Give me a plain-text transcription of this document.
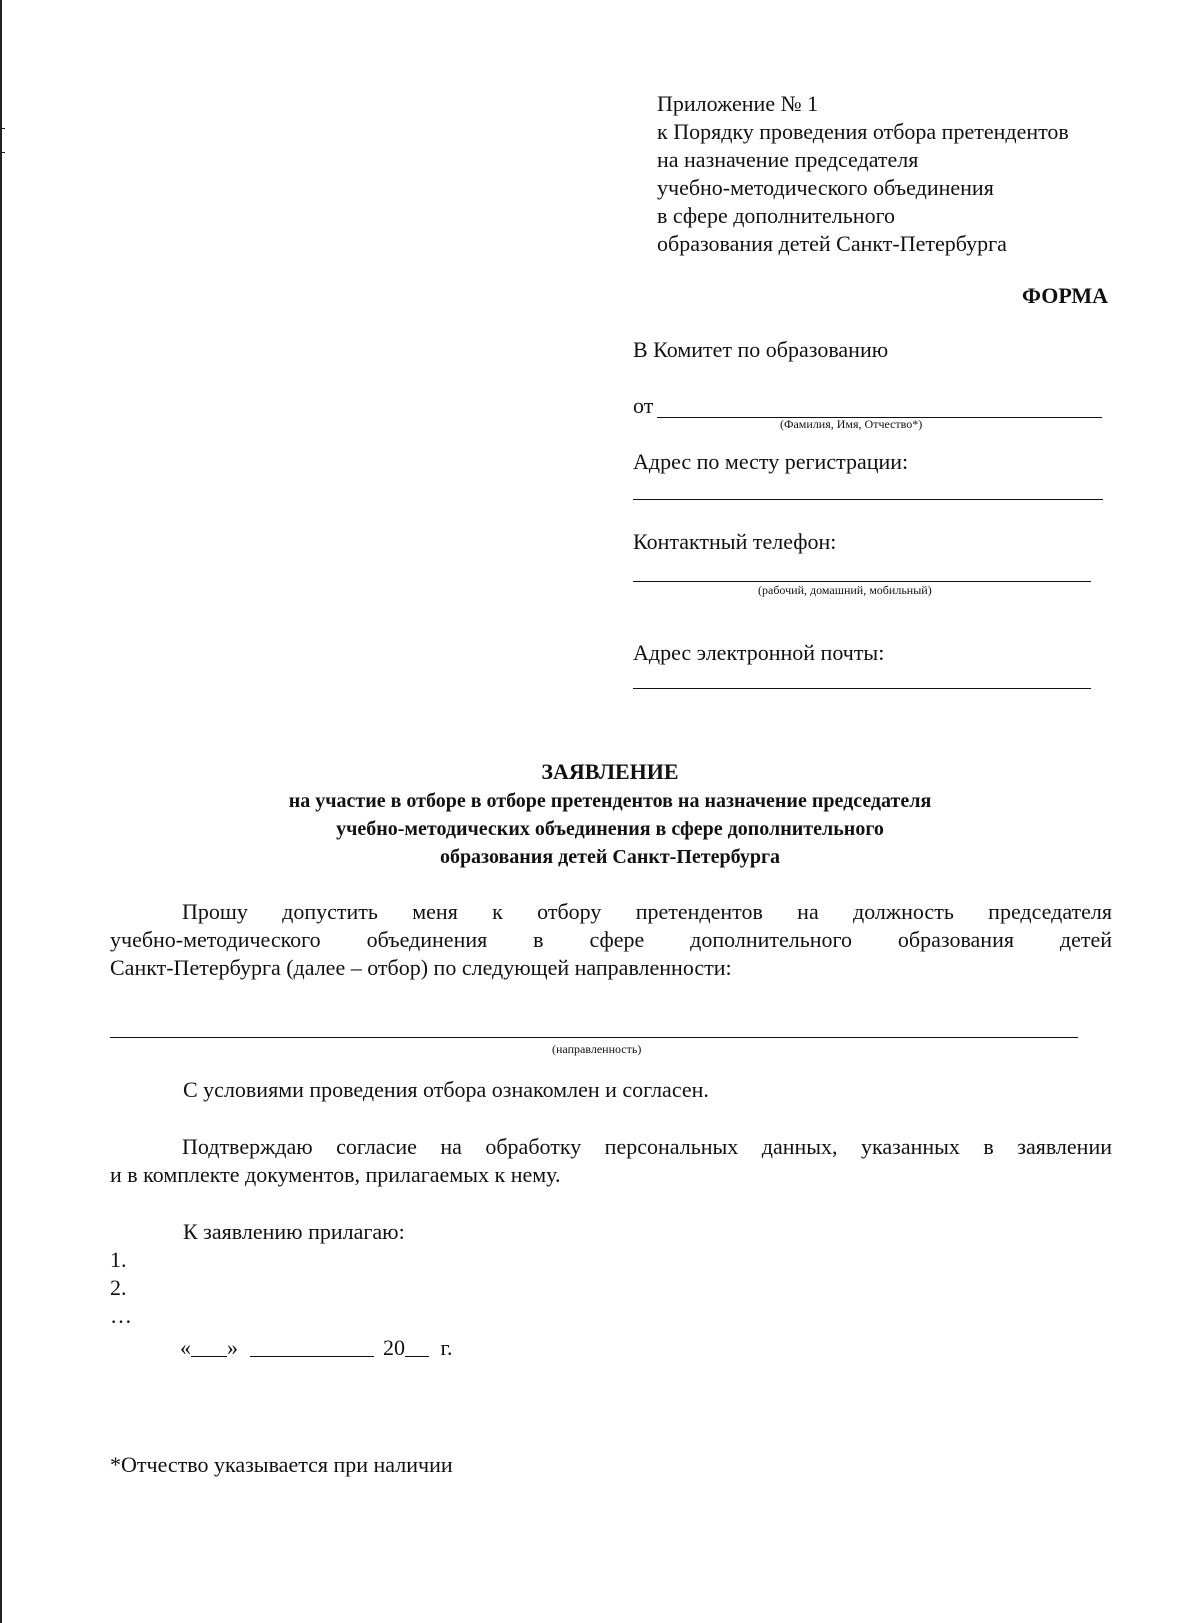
Приложение № 1
к Порядку проведения отбора претендентов
на назначение председателя
учебно-методического объединения
в сфере дополнительного
образования детей Санкт-Петербурга
ФОРМА
В Комитет по образованию
от
(Фамилия, Имя, Отчество*)
Адрес по месту регистрации:
Контактный телефон:
(рабочий, домашний, мобильный)
Адрес электронной почты:
ЗАЯВЛЕНИЕ
на участие в отборе в отборе претендентов на назначение председателя
учебно-методических объединения в сфере дополнительного
образования детей Санкт-Петербурга
Прошу допустить меня к отбору претендентов на должность председателя
учебно-методического объединения в сфере дополнительного образования детей
Санкт-Петербурга (далее – отбор) по следующей направленности:
(направленность)
С условиями проведения отбора ознакомлен и согласен.
Подтверждаю согласие на обработку персональных данных, указанных в заявлении
и в комплекте документов, прилагаемых к нему.
К заявлению прилагаю:
1.
2.
…
« »	20 г.
*Отчество указывается при наличии
